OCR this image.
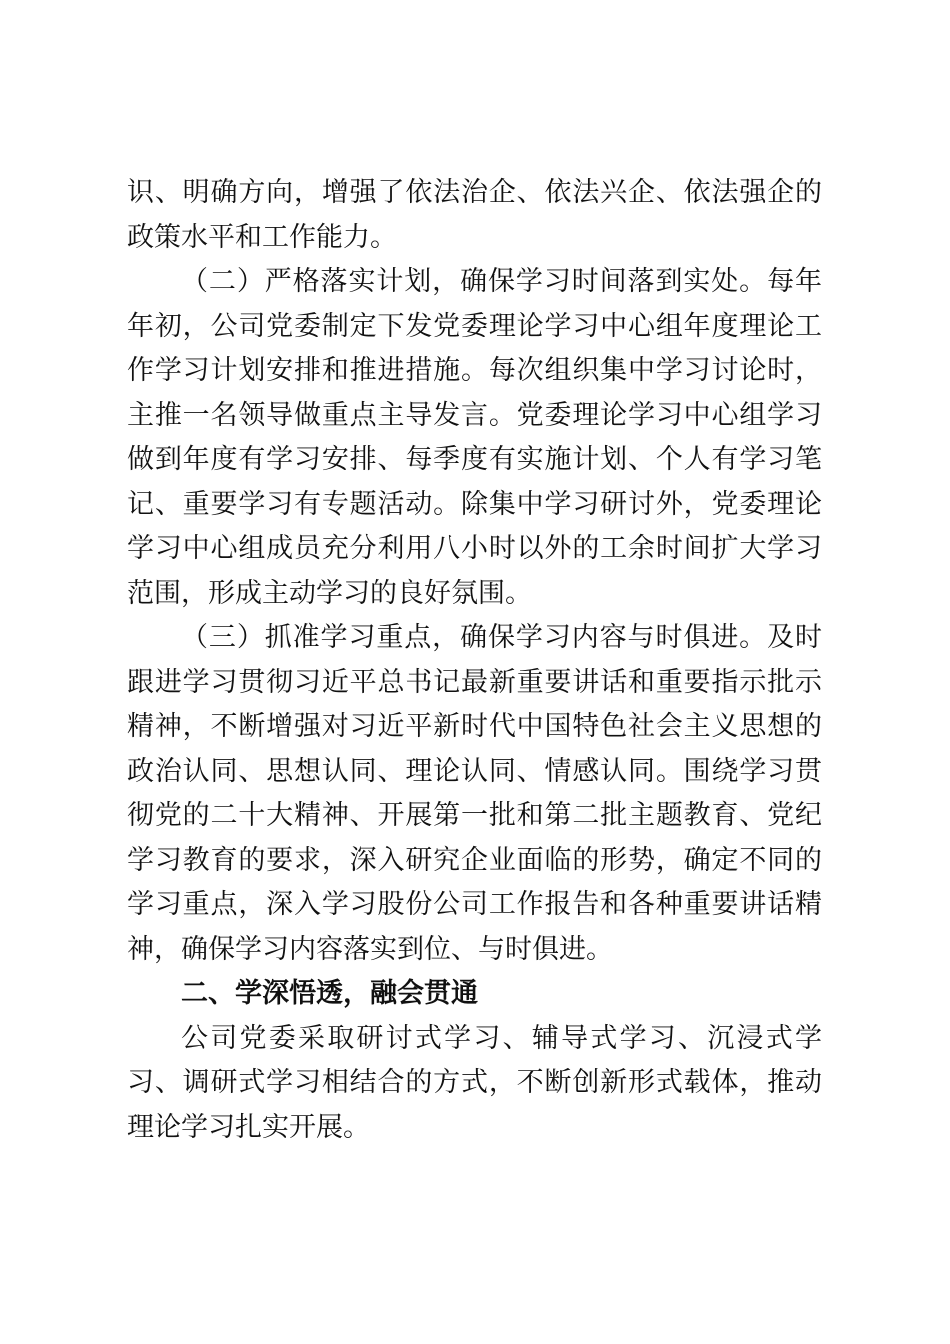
识、明确方向，增强了依法治企、依法兴企、依法强企的政策水平和工作能力。

（二）严格落实计划，确保学习时间落到实处。每年年初，公司党委制定下发党委理论学习中心组年度理论工作学习计划安排和推进措施。每次组织集中学习讨论时，主推一名领导做重点主导发言。党委理论学习中心组学习做到年度有学习安排、每季度有实施计划、个人有学习笔记、重要学习有专题活动。除集中学习研讨外，党委理论学习中心组成员充分利用八小时以外的工余时间扩大学习范围，形成主动学习的良好氛围。

（三）抓准学习重点，确保学习内容与时俱进。及时跟进学习贯彻习近平总书记最新重要讲话和重要指示批示精神，不断增强对习近平新时代中国特色社会主义思想的政治认同、思想认同、理论认同、情感认同。围绕学习贯彻党的二十大精神、开展第一批和第二批主题教育、党纪学习教育的要求，深入研究企业面临的形势，确定不同的学习重点，深入学习股份公司工作报告和各种重要讲话精神，确保学习内容落实到位、与时俱进。

二、学深悟透，融会贯通

公司党委采取研讨式学习、辅导式学习、沉浸式学习、调研式学习相结合的方式，不断创新形式载体，推动理论学习扎实开展。
